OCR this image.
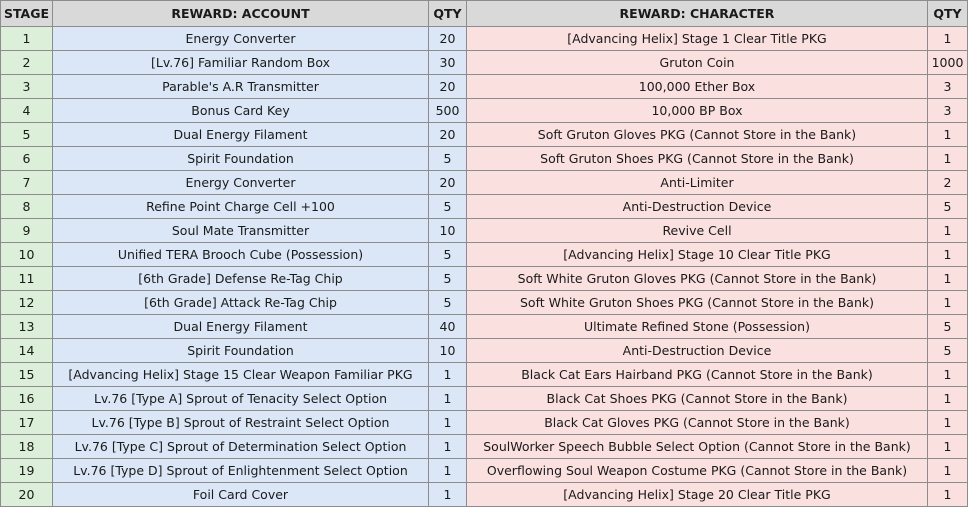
STAGE	REWARD: ACCOUNT	QTY	REWARD: CHARACTER	QTY
1	Energy Converter	20	[Advancing Helix] Stage 1 Clear Title PKG	1
2	[Lv.76] Familiar Random Box	30	Gruton Coin	1000
3	Parable's A.R Transmitter	20	100,000 Ether Box	3
4	Bonus Card Key	500	10,000 BP Box	3
5	Dual Energy Filament	20	Soft Gruton Gloves PKG (Cannot Store in the Bank)	1
6	Spirit Foundation	5	Soft Gruton Shoes PKG (Cannot Store in the Bank)	1
7	Energy Converter	20	Anti-Limiter	2
8	Refine Point Charge Cell +100	5	Anti-Destruction Device	5
9	Soul Mate Transmitter	10	Revive Cell	1
10	Unified TERA Brooch Cube (Possession)	5	[Advancing Helix] Stage 10 Clear Title PKG	1
11	[6th Grade] Defense Re-Tag Chip	5	Soft White Gruton Gloves PKG (Cannot Store in the Bank)	1
12	[6th Grade] Attack Re-Tag Chip	5	Soft White Gruton Shoes PKG (Cannot Store in the Bank)	1
13	Dual Energy Filament	40	Ultimate Refined Stone (Possession)	5
14	Spirit Foundation	10	Anti-Destruction Device	5
15	[Advancing Helix] Stage 15 Clear Weapon Familiar PKG	1	Black Cat Ears Hairband PKG (Cannot Store in the Bank)	1
16	Lv.76 [Type A] Sprout of Tenacity Select Option	1	Black Cat Shoes PKG (Cannot Store in the Bank)	1
17	Lv.76 [Type B] Sprout of Restraint Select Option	1	Black Cat Gloves PKG (Cannot Store in the Bank)	1
18	Lv.76 [Type C] Sprout of Determination Select Option	1	SoulWorker Speech Bubble Select Option (Cannot Store in the Bank)	1
19	Lv.76 [Type D] Sprout of Enlightenment Select Option	1	Overflowing Soul Weapon Costume PKG (Cannot Store in the Bank)	1
20	Foil Card Cover	1	[Advancing Helix] Stage 20 Clear Title PKG	1
